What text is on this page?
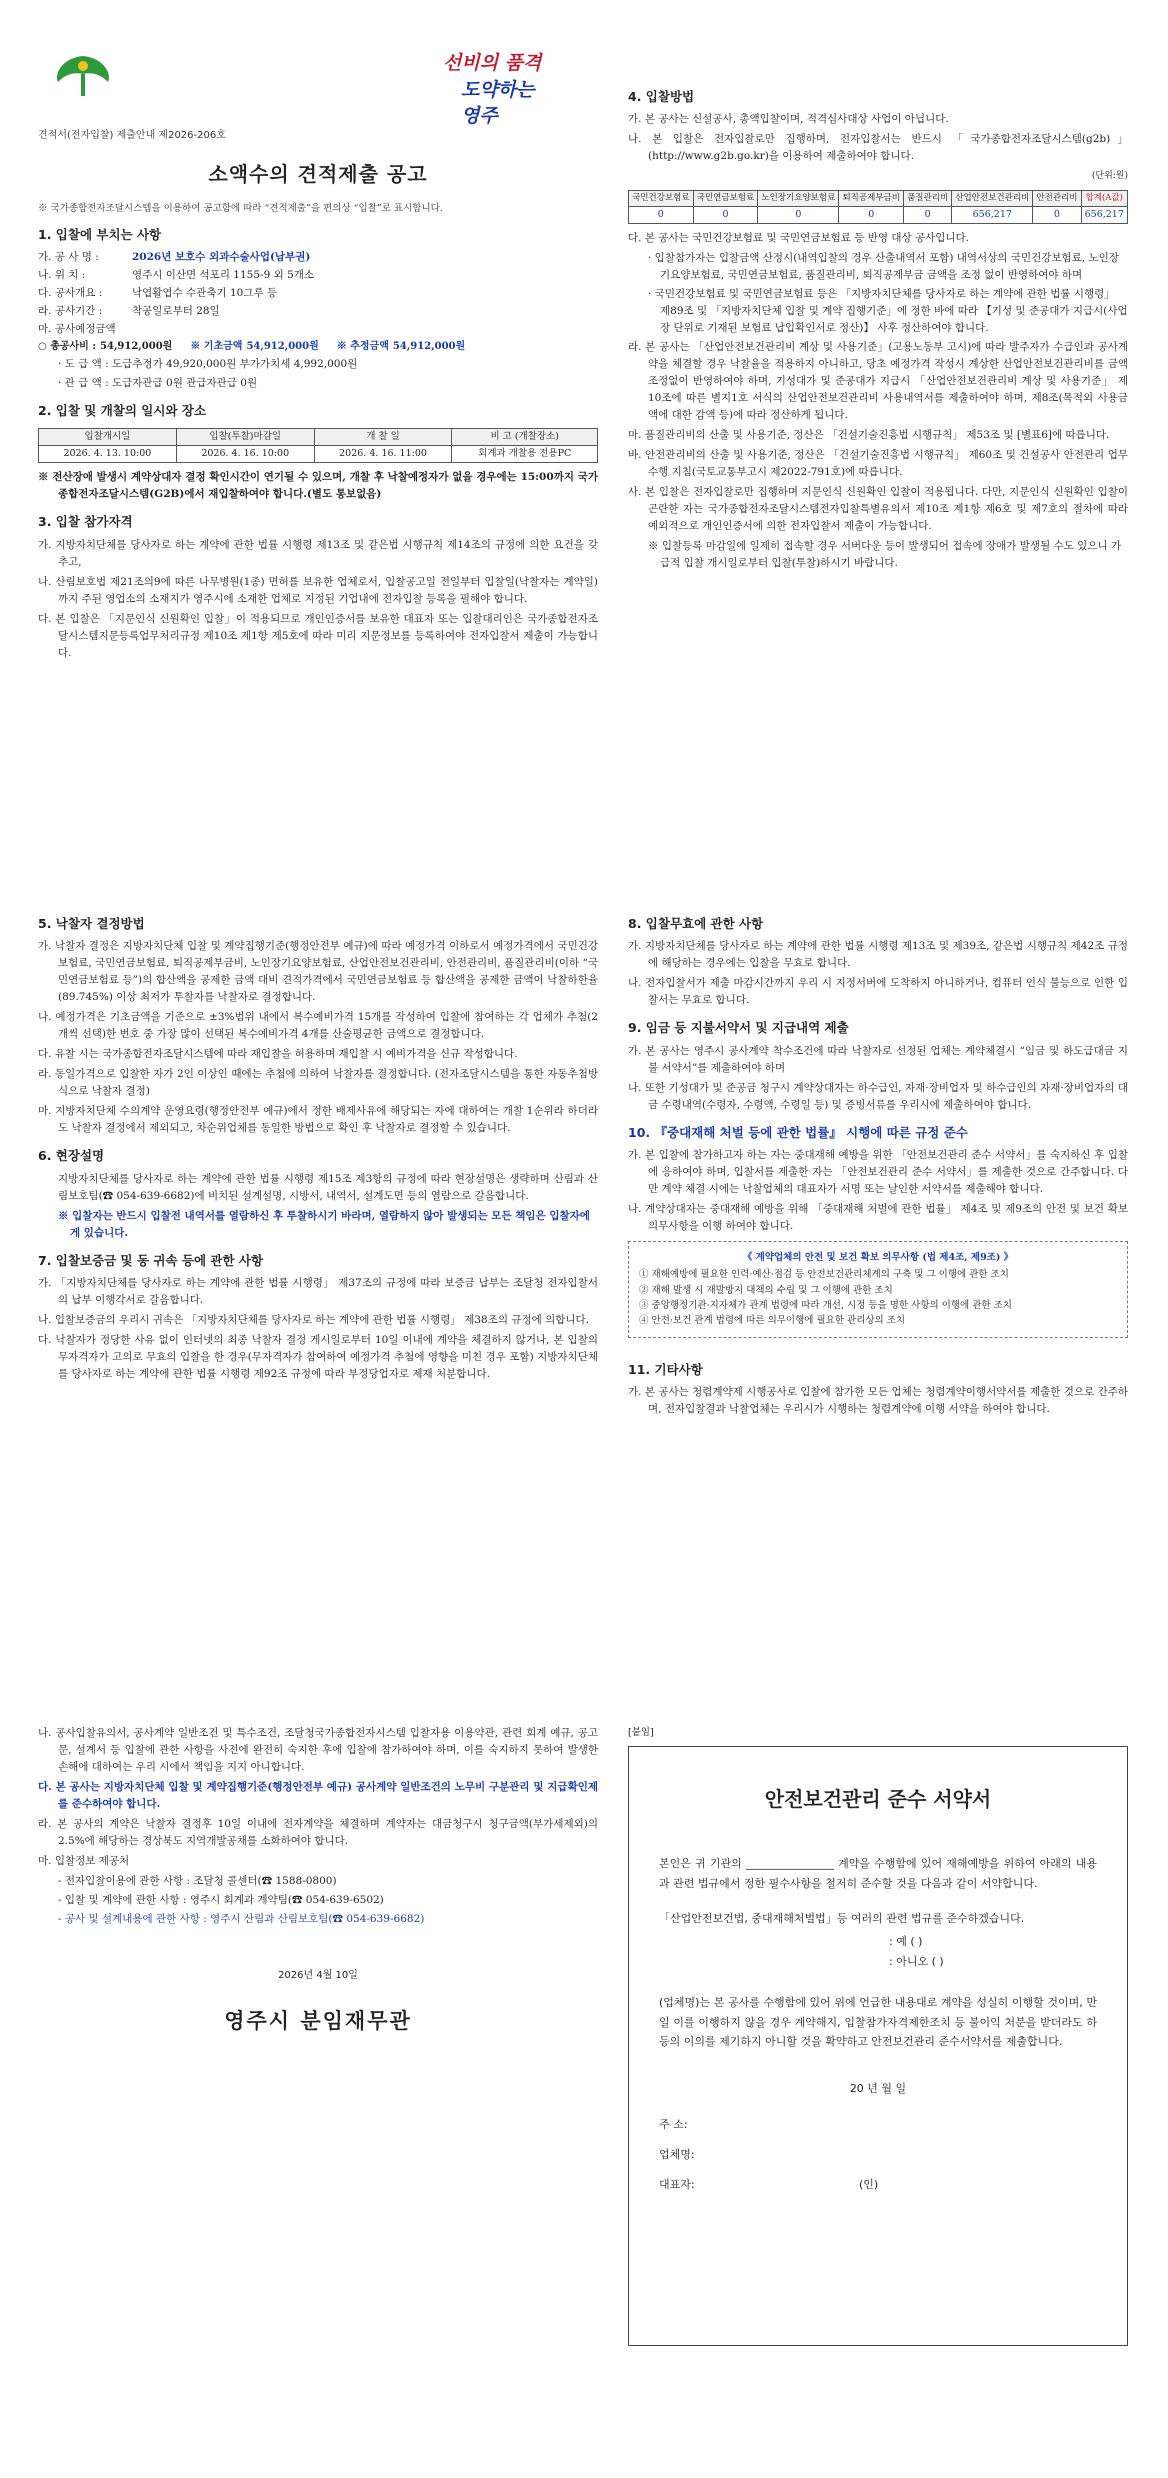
선비의 품격
도약하는 영주
견적서(전자입찰) 제출안내 제2026-206호
소액수의 견적제출 공고
※ 국가종합전자조달시스템을 이용하여 공고함에 따라 “견적제출”을 편의상 “입찰”로 표시합니다.
1. 입찰에 부치는 사항
가. 공 사 명 :	2026년 보호수 외과수술사업(남부권)
나. 위 치 :	영주시 이산면 석포리 1155-9 외 5개소
다. 공사개요 :	낙엽활엽수 수관축기 10그루 등
라. 공사기간 :	착공일로부터 28일
마. 공사예정금액
○ 총공사비 : 54,912,000원 ※ 기초금액 54,912,000원 ※ 추정금액 54,912,000원
· 도 급 액 : 도급추정가 49,920,000원 부가가치세 4,992,000원
· 관 급 액 : 도급자관급 0원 관급자관급 0원
2. 입찰 및 개찰의 일시와 장소
입찰개시일	입찰(투찰)마감일	개 찰 일	비 고 (개찰장소)
2026. 4. 13. 10:00	2026. 4. 16. 10:00	2026. 4. 16. 11:00	회계과 개찰용 전용PC
※ 전산장애 발생시 계약상대자 결정 확인시간이 연기될 수 있으며, 개찰 후 낙찰예정자가 없을 경우에는 15:00까지 국가종합전자조달시스템(G2B)에서 재입찰하여야 합니다.(별도 통보없음)
3. 입찰 참가자격
가. 지방자치단체를 당사자로 하는 계약에 관한 법률 시행령 제13조 및 같은법 시행규칙 제14조의 규정에 의한 요건을 갖추고,
나. 산림보호법 제21조의9에 따른 나무병원(1종) 면허를 보유한 업체로서, 입찰공고일 전일부터 입찰일(낙찰자는 계약일)까지 주된 영업소의 소재지가 영주시에 소재한 업체로 지정된 기업내에 전자입찰 등록을 필해야 합니다.
다. 본 입찰은 「지문인식 신원확인 입찰」이 적용되므로 개인인증서를 보유한 대표자 또는 입찰대리인은 국가종합전자조달시스템지문등록업무처리규정 제10조 제1항 제5호에 따라 미리 지문정보를 등록하여야 전자입찰서 제출이 가능합니다.
4. 입찰방법
가. 본 공사는 신설공사, 총액입찰이며, 적격심사대상 사업이 아닙니다.
나. 본 입찰은 전자입찰로만 집행하며, 전자입찰서는 반드시 「국가종합전자조달시스템(g2b)」(http://www.g2b.go.kr)을 이용하여 제출하여야 합니다.
(단위:원)
국민건강보험료	국민연금보험료	노인장기요양보험료	퇴직공제부금비	품질관리비	산업안전보건관리비	안전관리비	합계(A값)
0	0	0	0	0	656,217	0	656,217
다. 본 공사는 국민건강보험료 및 국민연금보험료 등 반영 대상 공사입니다.
· 입찰참가자는 입찰금액 산정시(내역입찰의 경우 산출내역서 포함) 내역서상의 국민건강보험료, 노인장기요양보험료, 국민연금보험료, 품질관리비, 퇴직공제부금 금액을 조정 없이 반영하여야 하며
· 국민건강보험료 및 국민연금보험료 등은 「지방자치단체를 당사자로 하는 계약에 관한 법률 시행령」 제89조 및 「지방자치단체 입찰 및 계약 집행기준」에 정한 바에 따라 【기성 및 준공대가 지급시(사업장 단위로 기재된 보험료 납입확인서로 정산)】 사후 정산하여야 합니다.
라. 본 공사는 「산업안전보건관리비 계상 및 사용기준」(고용노동부 고시)에 따라 발주자가 수급인과 공사계약을 체결할 경우 낙찰율을 적용하지 아니하고, 당초 예정가격 작성시 계상한 산업안전보건관리비를 금액 조정없이 반영하여야 하며, 기성대가 및 준공대가 지급시 「산업안전보건관리비 계상 및 사용기준」 제10조에 따른 별지1호 서식의 산업안전보건관리비 사용내역서를 제출하여야 하며, 제8조(목적외 사용금액에 대한 감액 등)에 따라 정산하게 됩니다.
마. 품질관리비의 산출 및 사용기준, 정산은 「건설기술진흥법 시행규칙」 제53조 및 [별표6]에 따릅니다.
바. 안전관리비의 산출 및 사용기준, 정산은 「건설기술진흥법 시행규칙」 제60조 및 건설공사 안전관리 업무수행 지침(국토교통부고시 제2022-791호)에 따릅니다.
사. 본 입찰은 전자입찰로만 집행하며 지문인식 신원확인 입찰이 적용됩니다. 다만, 지문인식 신원확인 입찰이 곤란한 자는 국가종합전자조달시스템전자입찰특별유의서 제10조 제1항 제6호 및 제7호의 절차에 따라 예외적으로 개인인증서에 의한 전자입찰서 제출이 가능합니다.
※ 입찰등록 마감일에 일제히 접속할 경우 서버다운 등이 발생되어 접속에 장애가 발생될 수도 있으니 가급적 입찰 개시일로부터 입찰(투찰)하시기 바랍니다.
5. 낙찰자 결정방법
가. 낙찰자 결정은 지방자치단체 입찰 및 계약집행기준(행정안전부 예규)에 따라 예정가격 이하로서 예정가격에서 국민건강보험료, 국민연금보험료, 퇴직공제부금비, 노인장기요양보험료, 산업안전보건관리비, 안전관리비, 품질관리비(이하 “국민연금보험료 등”)의 합산액을 공제한 금액 대비 견적가격에서 국민연금보험료 등 합산액을 공제한 금액이 낙찰하한율(89.745%) 이상 최저가 투찰자를 낙찰자로 결정합니다.
나. 예정가격은 기초금액을 기준으로 ±3%범위 내에서 복수예비가격 15개를 작성하여 입찰에 참여하는 각 업체가 추첨(2개씩 선택)한 번호 중 가장 많이 선택된 복수예비가격 4개를 산술평균한 금액으로 결정합니다.
다. 유찰 시는 국가종합전자조달시스템에 따라 재입찰을 허용하며 재입찰 시 예비가격을 신규 작성합니다.
라. 동일가격으로 입찰한 자가 2인 이상인 때에는 추첨에 의하여 낙찰자를 결정합니다. (전자조달시스템을 통한 자동추첨방식으로 낙찰자 결정)
마. 지방자치단체 수의계약 운영요령(행정안전부 예규)에서 정한 배제사유에 해당되는 자에 대하여는 개찰 1순위라 하더라도 낙찰자 결정에서 제외되고, 차순위업체를 동일한 방법으로 확인 후 낙찰자로 결정할 수 있습니다.
6. 현장설명
지방자치단체를 당사자로 하는 계약에 관한 법률 시행령 제15조 제3항의 규정에 따라 현장설명은 생략하며 산림과 산림보호팀(☎ 054-639-6682)에 비치된 설계설명, 시방서, 내역서, 설계도면 등의 열람으로 갈음합니다.
※ 입찰자는 반드시 입찰전 내역서를 열람하신 후 투찰하시기 바라며, 열람하지 않아 발생되는 모든 책임은 입찰자에게 있습니다.
7. 입찰보증금 및 동 귀속 등에 관한 사항
가. 「지방자치단체를 당사자로 하는 계약에 관한 법률 시행령」 제37조의 규정에 따라 보증금 납부는 조달청 전자입찰서의 납부 이행각서로 갈음합니다.
나. 입찰보증금의 우리시 귀속은 「지방자치단체를 당사자로 하는 계약에 관한 법률 시행령」 제38조의 규정에 의합니다.
다. 낙찰자가 정당한 사유 없이 인터넷의 최종 낙찰자 결정 게시일로부터 10일 이내에 계약을 체결하지 않거나, 본 입찰의 무자격자가 고의로 무효의 입찰을 한 경우(무자격자가 참여하여 예정가격 추첨에 영향을 미친 경우 포함) 지방자치단체를 당사자로 하는 계약에 관한 법률 시행령 제92조 규정에 따라 부정당업자로 제재 처분합니다.
8. 입찰무효에 관한 사항
가. 지방자치단체를 당사자로 하는 계약에 관한 법률 시행령 제13조 및 제39조, 같은법 시행규칙 제42조 규정에 해당하는 경우에는 입찰을 무효로 합니다.
나. 전자입찰서가 제출 마감시간까지 우리 시 지정서버에 도착하지 아니하거나, 컴퓨터 인식 불능으로 인한 입찰서는 무효로 합니다.
9. 임금 등 지불서약서 및 지급내역 제출
가. 본 공사는 영주시 공사계약 착수조건에 따라 낙찰자로 선정된 업체는 계약체결시 “임금 및 하도급대금 지불 서약서”를 제출하여야 하며
나. 또한 기성대가 및 준공금 청구시 계약상대자는 하수급인, 자재·장비업자 및 하수급인의 자재·장비업자의 대금 수령내역(수령자, 수령액, 수령일 등) 및 증빙서류를 우리시에 제출하여야 합니다.
10. 『중대재해 처벌 등에 관한 법률』 시행에 따른 규정 준수
가. 본 입찰에 참가하고자 하는 자는 중대재해 예방을 위한 「안전보건관리 준수 서약서」를 숙지하신 후 입찰에 응하여야 하며, 입찰서를 제출한 자는 「안전보건관리 준수 서약서」를 제출한 것으로 간주합니다. 다만 계약 체결 시에는 낙찰업체의 대표자가 서명 또는 날인한 서약서를 제출해야 합니다.
나. 계약상대자는 중대재해 예방을 위해 「중대재해 처벌에 관한 법률」 제4조 및 제9조의 안전 및 보건 확보 의무사항을 이행 하여야 합니다.
《 계약업체의 안전 및 보건 확보 의무사항 (법 제4조, 제9조) 》
① 재해예방에 필요한 인력·예산·점검 등 안전보건관리체계의 구축 및 그 이행에 관한 조치
② 재해 발생 시 재발방지 대책의 수립 및 그 이행에 관한 조치
③ 중앙행정기관·지자체가 관계 법령에 따라 개선, 시정 등을 명한 사항의 이행에 관한 조치
④ 안전·보건 관계 법령에 따른 의무이행에 필요한 관리상의 조치
11. 기타사항
가. 본 공사는 청렴계약제 시행공사로 입찰에 참가한 모든 업체는 청렴계약이행서약서를 제출한 것으로 간주하며, 전자입찰결과 낙찰업체는 우리시가 시행하는 청렴계약에 이행 서약을 하여야 합니다.
나. 공사입찰유의서, 공사계약 일반조건 및 특수조건, 조달청국가종합전자시스템 입찰자용 이용약관, 관련 회계 예규, 공고문, 설계서 등 입찰에 관한 사항을 사전에 완전히 숙지한 후에 입찰에 참가하여야 하며, 이를 숙지하지 못하여 발생한 손해에 대하여는 우리 시에서 책임을 지지 아니합니다.
다. 본 공사는 지방자치단체 입찰 및 계약집행기준(행정안전부 예규) 공사계약 일반조건의 노무비 구분관리 및 지급확인제를 준수하여야 합니다.
라. 본 공사의 계약은 낙찰자 결정후 10일 이내에 전자계약을 체결하며 계약자는 대금청구시 청구금액(부가세제외)의 2.5%에 해당하는 경상북도 지역개발공채를 소화하여야 합니다.
마. 입찰정보 제공처
- 전자입찰이용에 관한 사항 : 조달청 콜센터(☎ 1588-0800)
- 입찰 및 계약에 관한 사항 : 영주시 회계과 계약팀(☎ 054-639-6502)
- 공사 및 설계내용에 관한 사항 : 영주시 산림과 산림보호팀(☎ 054-639-6682)
2026년 4월 10일
영주시 분임재무관
[붙임]
안전보건관리 준수 서약서

본인은 귀 기관의 ________________ 계약을 수행함에 있어 재해예방을 위하여 아래의 내용과 관련 법규에서 정한 필수사항을 철저히 준수할 것을 다음과 같이 서약합니다.

「산업안전보건법, 중대재해처벌법」등 여러의 관련 법규를 준수하겠습니다.

: 예 ( )
: 아니오 ( )

(업체명)는 본 공사를 수행함에 있어 위에 언급한 내용대로 계약을 성실히 이행할 것이며, 만일 이를 이행하지 않을 경우 계약해지, 입찰참가자격제한조치 등 불이익 처분을 받더라도 하등의 이의를 제기하지 아니할 것을 확약하고 안전보건관리 준수서약서를 제출합니다.

20 년 월 일
주 소:
업체명:
대표자:	(인)
